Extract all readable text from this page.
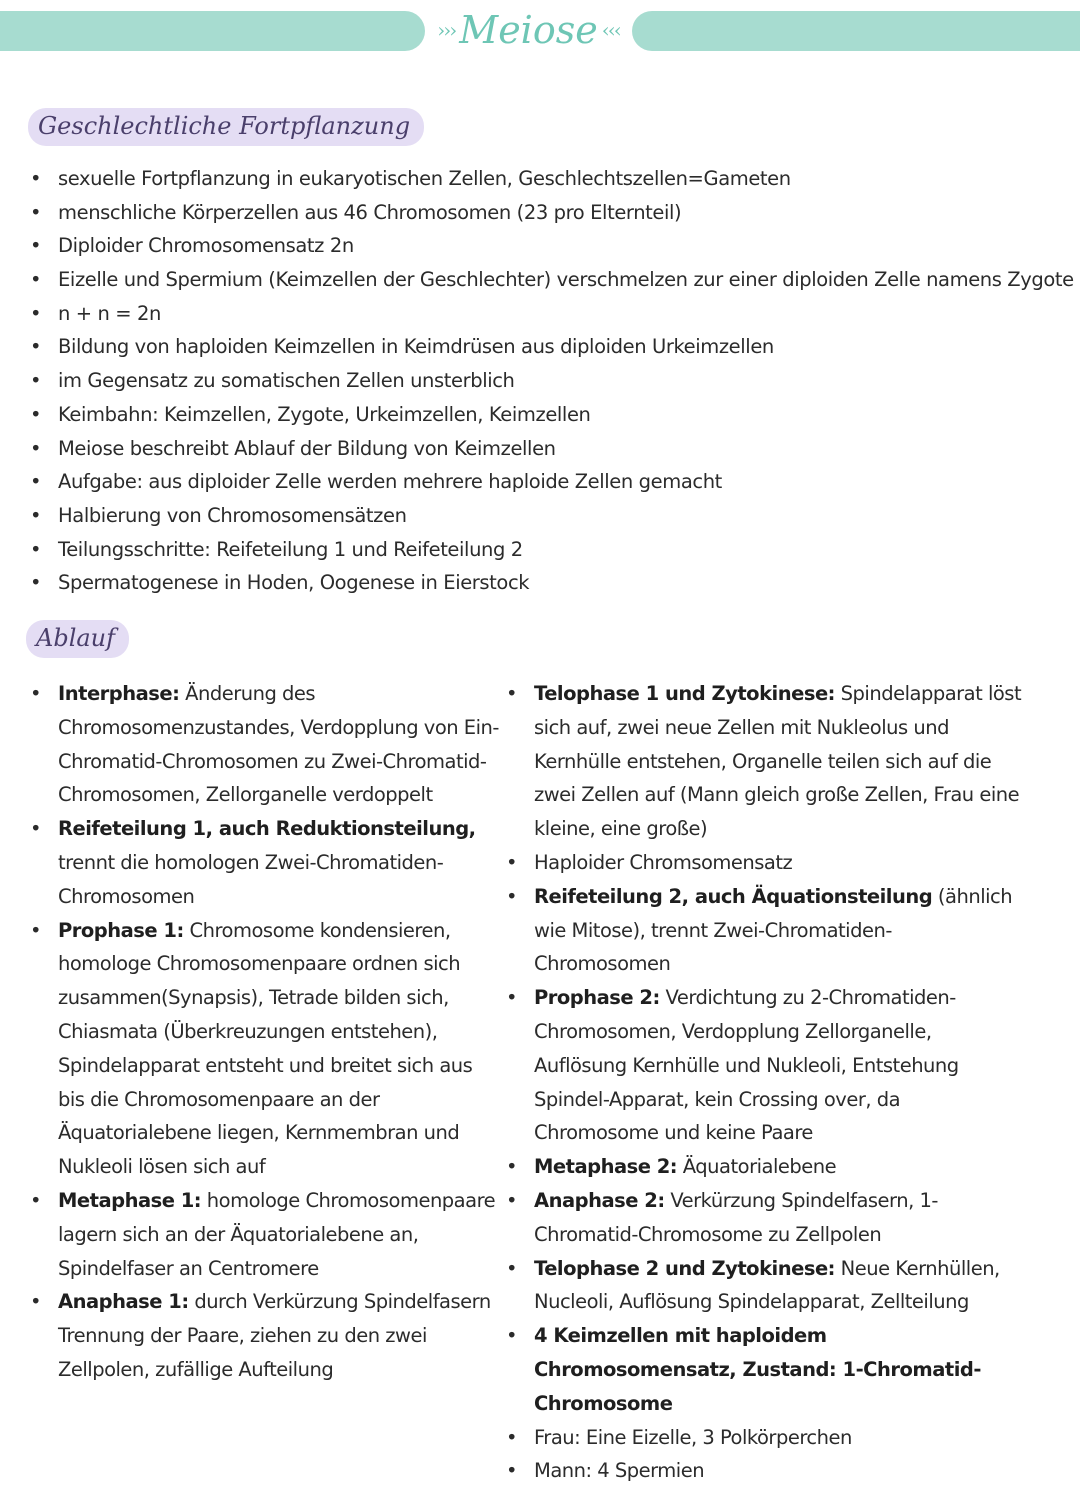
››› Meiose ‹‹‹
Geschlechtliche Fortpflanzung
• sexuelle Fortpflanzung in eukaryotischen Zellen, Geschlechtszellen=Gameten
• menschliche Körperzellen aus 46 Chromosomen (23 pro Elternteil)
• Diploider Chromosomensatz 2n
• Eizelle und Spermium (Keimzellen der Geschlechter) verschmelzen zur einer diploiden Zelle namens Zygote
• n + n = 2n
• Bildung von haploiden Keimzellen in Keimdrüsen aus diploiden Urkeimzellen
• im Gegensatz zu somatischen Zellen unsterblich
• Keimbahn: Keimzellen, Zygote, Urkeimzellen, Keimzellen
• Meiose beschreibt Ablauf der Bildung von Keimzellen
• Aufgabe: aus diploider Zelle werden mehrere haploide Zellen gemacht
• Halbierung von Chromosomensätzen
• Teilungsschritte: Reifeteilung 1 und Reifeteilung 2
• Spermatogenese in Hoden, Oogenese in Eierstock
Ablauf
• Interphase: Änderung des Chromosomenzustandes, Verdopplung von Ein-Chromatid-Chromosomen zu Zwei-Chromatid-Chromosomen, Zellorganelle verdoppelt
• Reifeteilung 1, auch Reduktionsteilung, trennt die homologen Zwei-Chromatiden-Chromosomen
• Prophase 1: Chromosome kondensieren, homologe Chromosomenpaare ordnen sich zusammen(Synapsis), Tetrade bilden sich, Chiasmata (Überkreuzungen entstehen), Spindelapparat entsteht und breitet sich aus bis die Chromosomenpaare an der Äquatorialebene liegen, Kernmembran und Nukleoli lösen sich auf
• Metaphase 1: homologe Chromosomenpaare lagern sich an der Äquatorialebene an, Spindelfaser an Centromere
• Anaphase 1: durch Verkürzung Spindelfasern Trennung der Paare, ziehen zu den zwei Zellpolen, zufällige Aufteilung
• Telophase 1 und Zytokinese: Spindelapparat löst sich auf, zwei neue Zellen mit Nukleolus und Kernhülle entstehen, Organelle teilen sich auf die zwei Zellen auf (Mann gleich große Zellen, Frau eine kleine, eine große)
• Haploider Chromsomensatz
• Reifeteilung 2, auch Äquationsteilung (ähnlich wie Mitose), trennt Zwei-Chromatiden-Chromosomen
• Prophase 2: Verdichtung zu 2-Chromatiden-Chromosomen, Verdopplung Zellorganelle, Auflösung Kernhülle und Nukleoli, Entstehung Spindel-Apparat, kein Crossing over, da Chromosome und keine Paare
• Metaphase 2: Äquatorialebene
• Anaphase 2: Verkürzung Spindelfasern, 1-Chromatid-Chromosome zu Zellpolen
• Telophase 2 und Zytokinese: Neue Kernhüllen, Nucleoli, Auflösung Spindelapparat, Zellteilung
• 4 Keimzellen mit haploidem Chromosomensatz, Zustand: 1-Chromatid-Chromosome
• Frau: Eine Eizelle, 3 Polkörperchen
• Mann: 4 Spermien
